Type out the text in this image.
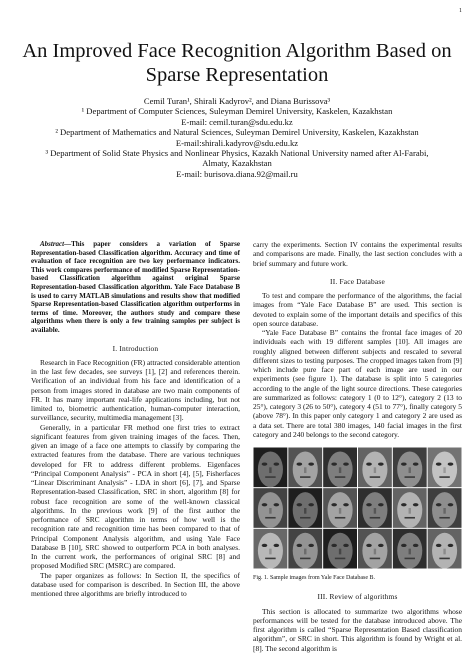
1
An Improved Face Recognition Algorithm Based on
Sparse Representation
Cemil Turan¹, Shirali Kadyrov², and Diana Burissova³
¹ Department of Computer Sciences, Suleyman Demirel University, Kaskelen, Kazakhstan
E-mail: cemil.turan@sdu.edu.kz
² Department of Mathematics and Natural Sciences, Suleyman Demirel University, Kaskelen, Kazakhstan
E-mail:shirali.kadyrov@sdu.edu.kz
³ Department of Solid State Physics and Nonlinear Physics, Kazakh National University named after Al-Farabi,
Almaty, Kazakhstan
E-mail: burisova.diana.92@mail.ru

Abstract—This paper considers a variation of Sparse Representation-based Classification algorithm. Accuracy and time of evaluation of face recognition are two key performance indicators. This work compares performance of modified Sparse Representation-based Classification algorithm against original Sparse Representation-based Classification algorithm. Yale Face Database B is used to carry MATLAB simulations and results show that modified Sparse Representation-based Classification algorithm outperforms in terms of time. Moreover, the authors study and compare these algorithms when there is only a few training samples per subject is available.

I. Introduction

Research in Face Recognition (FR) attracted considerable attention in the last few decades, see surveys [1], [2] and references therein. Verification of an individual from his face and identification of a person from images stored in database are two main components of FR. It has many important real-life applications including, but not limited to, biometric authentication, human-computer interaction, surveillance, security, multimedia management [3].

Generally, in a particular FR method one first tries to extract significant features from given training images of the faces. Then, given an image of a face one attempts to classify by comparing the extracted features from the database. There are various techniques developed for FR to address different problems. Eigenfaces “Principal Component Analysis” - PCA in short [4], [5], Fisherfaces “Linear Discriminant Analysis” - LDA in short [6], [7], and Sparse Representation-based Classification, SRC in short, algorithm [8] for robust face recognition are some of the well-known classical algorithms. In the previous work [9] of the first author the performance of SRC algorithm in terms of how well is the recognition rate and recognition time has been compared to that of Principal Component Analysis algorithm, and using Yale Face Database B [10], SRC showed to outperform PCA in both analyses. In the current work, the performances of original SRC [8] and proposed Modified SRC (MSRC) are compared.

The paper organizes as follows: In Section II, the specifics of database used for comparison is described. In Section III, the above mentioned three algorithms are briefly introduced to

carry the experiments. Section IV contains the experimental results and comparisons are made. Finally, the last section concludes with a brief summary and future work.

II. Face Database

To test and compare the performance of the algorithms, the facial images from “Yale Face Database B” are used. This section is devoted to explain some of the important details and specifics of this open source database.

“Yale Face Database B” contains the frontal face images of 20 individuals each with 19 different samples [10]. All images are roughly aligned between different subjects and rescaled to several different sizes to testing purposes. The cropped images taken from [9] which include pure face part of each image are used in our experiments (see figure 1). The database is split into 5 categories according to the angle of the light source directions. These categories are summarized as follows: category 1 (0 to 12°), category 2 (13 to 25°), category 3 (26 to 50°), category 4 (51 to 77°), finally category 5 (above 78°). In this paper only category 1 and category 2 are used as a data set. There are total 380 images, 140 facial images in the first category and 240 belongs to the second category.

Fig. 1. Sample images from Yale Face Database B.
III. Review of algorithms

This section is allocated to summarize two algorithms whose performances will be tested for the database introduced above. The first algorithm is called “Sparse Representation Based classification algorithm”, or SRC in short. This algorithm is found by Wright et al. [8]. The second algorithm is
